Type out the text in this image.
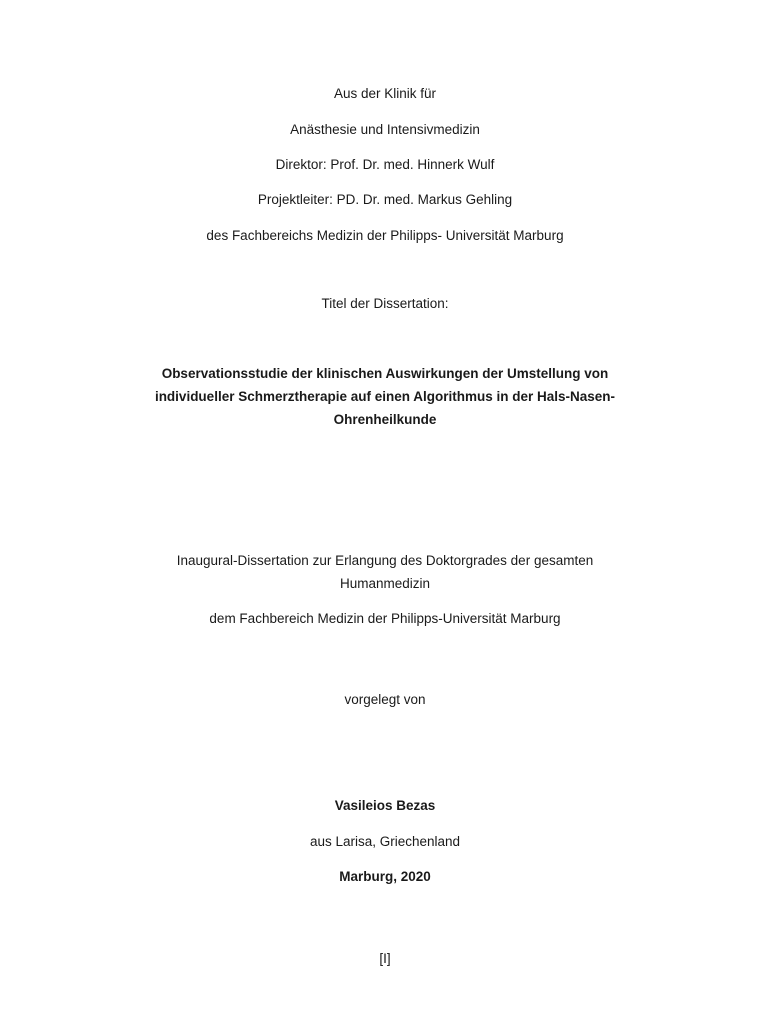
Aus der Klinik für
Anästhesie und Intensivmedizin
Direktor: Prof. Dr. med. Hinnerk Wulf
Projektleiter: PD. Dr. med. Markus Gehling
des Fachbereichs Medizin der Philipps- Universität Marburg
Titel der Dissertation:
Observationsstudie der klinischen Auswirkungen der Umstellung von
individueller Schmerztherapie auf einen Algorithmus in der Hals-Nasen-
Ohrenheilkunde
Inaugural-Dissertation zur Erlangung des Doktorgrades der gesamten
Humanmedizin
dem Fachbereich Medizin der Philipps-Universität Marburg
vorgelegt von
Vasileios Bezas
aus Larisa, Griechenland
Marburg, 2020
[I]
